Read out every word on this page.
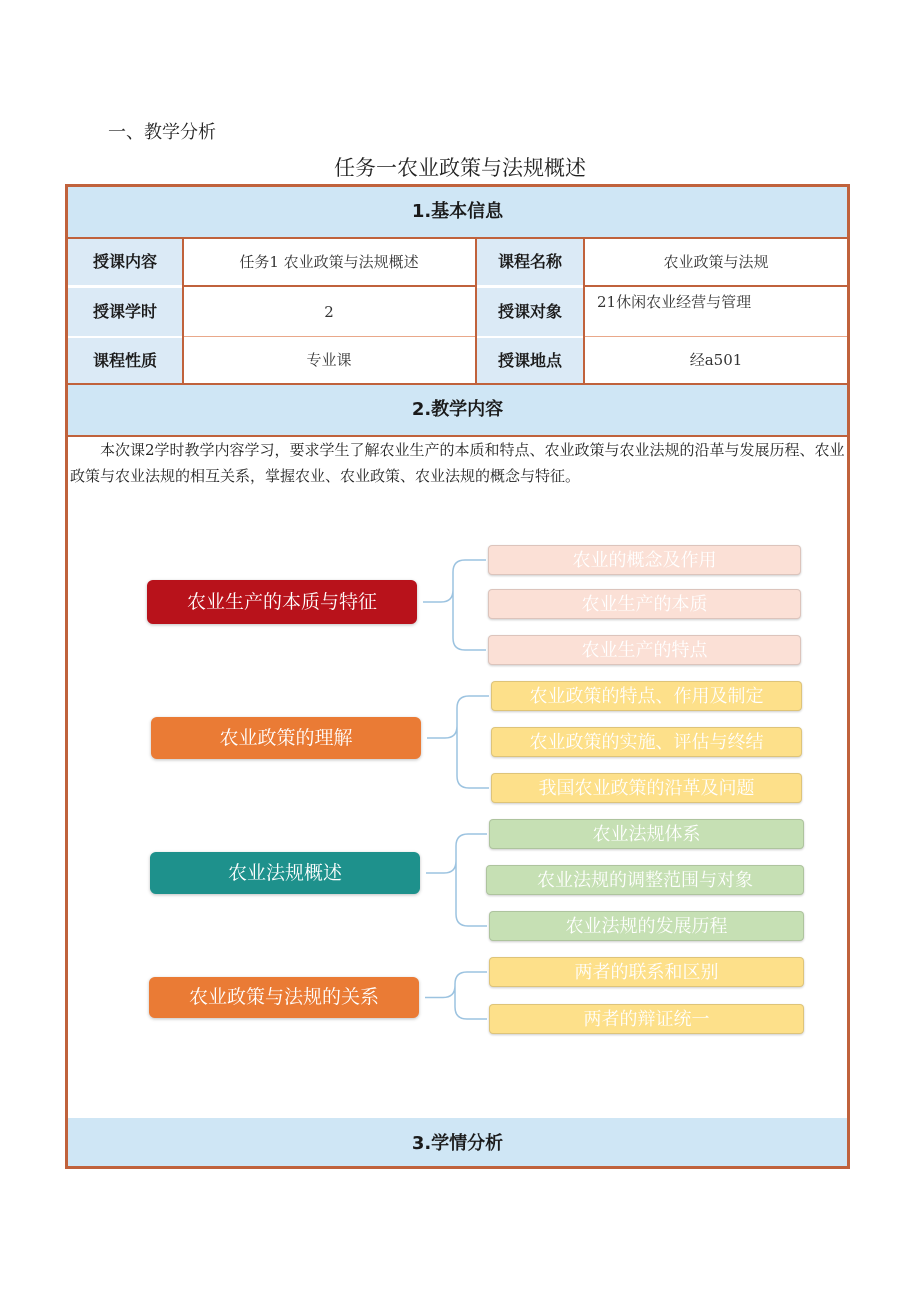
一、教学分析
任务一农业政策与法规概述
1.基本信息
授课内容	任务1 农业政策与法规概述	课程名称	农业政策与法规
授课学时	2	授课对象	21休闲农业经营与管理
课程性质	专业课	授课地点	经a501
2.教学内容
本次课2学时教学内容学习，要求学生了解农业生产的本质和特点、农业政策与农业法规的沿革与发展历程、农业政策与农业法规的相互关系，掌握农业、农业政策、农业法规的概念与特征。
农业生产的本质与特征
农业的概念及作用
农业生产的本质
农业生产的特点
农业政策的理解
农业政策的特点、作用及制定
农业政策的实施、评估与终结
我国农业政策的沿革及问题
农业法规概述
农业法规体系
农业法规的调整范围与对象
农业法规的发展历程
农业政策与法规的关系
两者的联系和区别
两者的辩证统一
3.学情分析
